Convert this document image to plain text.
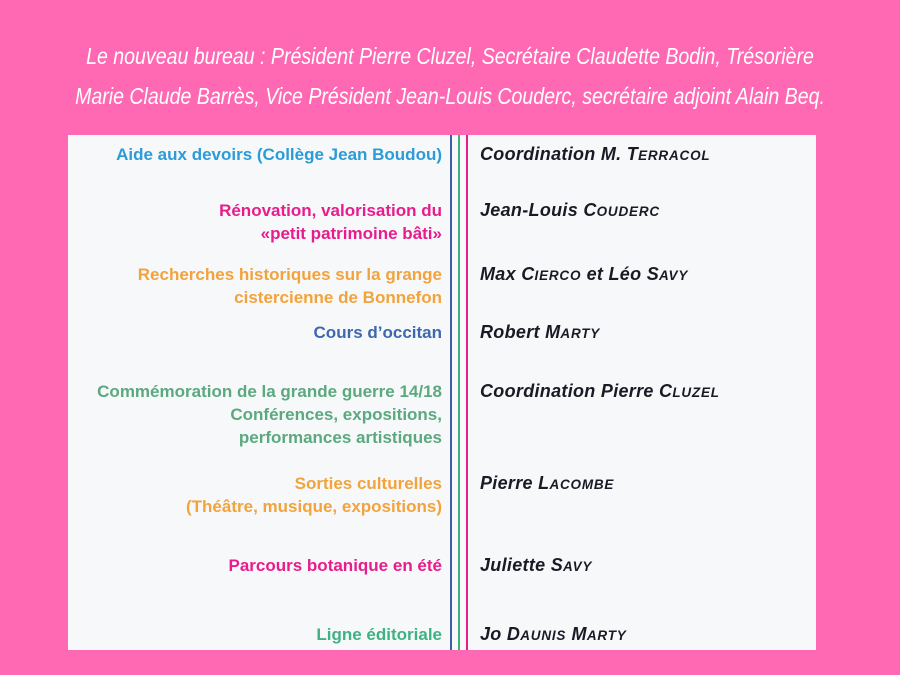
Le nouveau bureau : Président Pierre Cluzel, Secrétaire Claudette Bodin, Trésorière
Marie Claude Barrès, Vice Président Jean-Louis Couderc, secrétaire adjoint Alain Beq.
Aide aux devoirs (Collège Jean Boudou) Coordination M. TERRACOL
Rénovation, valorisation du
«petit patrimoine bâti»
Jean-Louis COUDERC
Recherches historiques sur la grange
cistercienne de Bonnefon
Max CIERCO et Léo SAVY
Cours d’occitan Robert MARTY
Commémoration de la grande guerre 14/18
Conférences, expositions,
performances artistiques
Coordination Pierre CLUZEL
Sorties culturelles
(Théâtre, musique, expositions)
Pierre LACOMBE
Parcours botanique en été Juliette SAVY
Ligne éditoriale Jo DAUNIS MARTY
